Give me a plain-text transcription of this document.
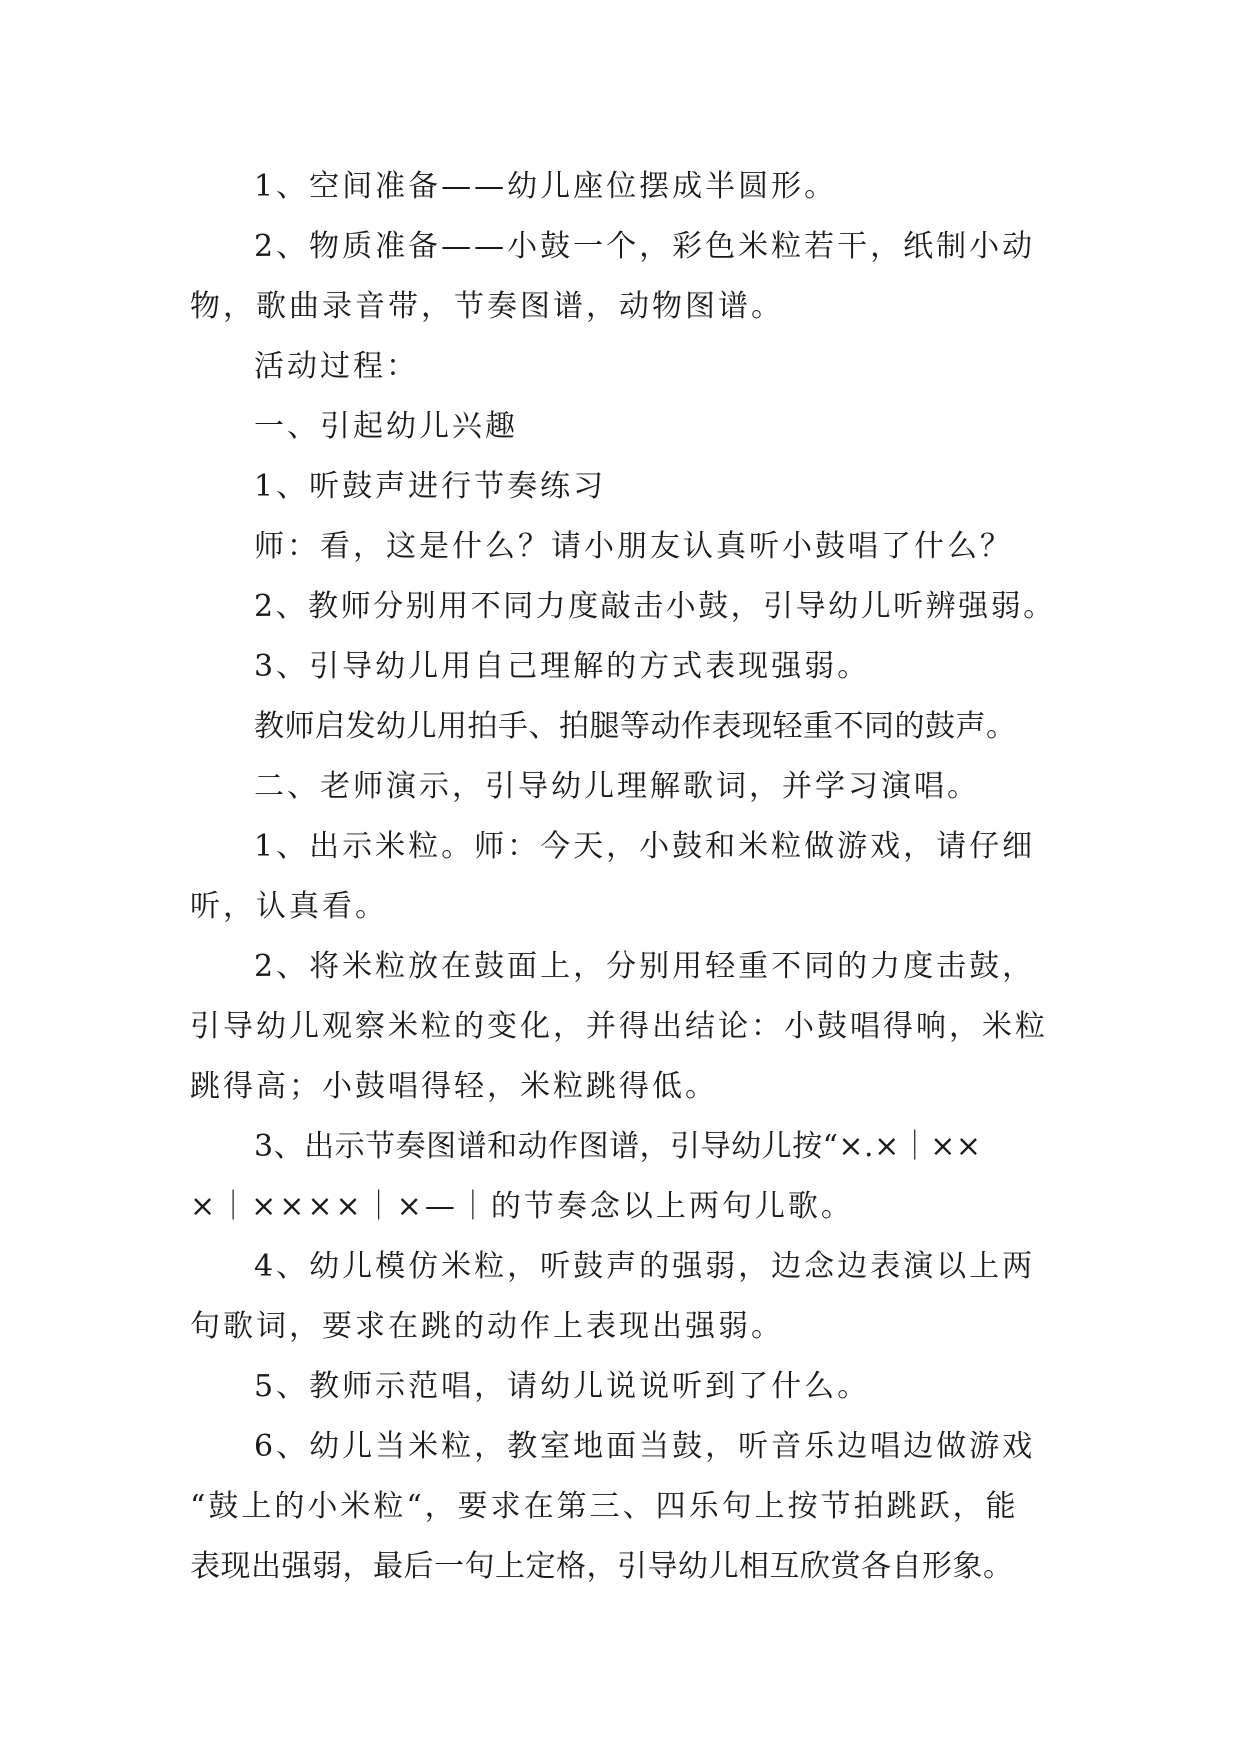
1、空间准备——幼儿座位摆成半圆形。
2、物质准备——小鼓一个，彩色米粒若干，纸制小动
物，歌曲录音带，节奏图谱，动物图谱。
活动过程：
一、引起幼儿兴趣
1、听鼓声进行节奏练习
师：看，这是什么？请小朋友认真听小鼓唱了什么？
2、教师分别用不同力度敲击小鼓，引导幼儿听辨强弱。
3、引导幼儿用自己理解的方式表现强弱。
教师启发幼儿用拍手、拍腿等动作表现轻重不同的鼓声。
二、老师演示，引导幼儿理解歌词，并学习演唱。
1、出示米粒。师：今天，小鼓和米粒做游戏，请仔细
听，认真看。
2、将米粒放在鼓面上，分别用轻重不同的力度击鼓，
引导幼儿观察米粒的变化，并得出结论：小鼓唱得响，米粒
跳得高；小鼓唱得轻，米粒跳得低。
3、出示节奏图谱和动作图谱，引导幼儿按“×.×｜××
×｜××××｜×—｜的节奏念以上两句儿歌。
4、幼儿模仿米粒，听鼓声的强弱，边念边表演以上两
句歌词，要求在跳的动作上表现出强弱。
5、教师示范唱，请幼儿说说听到了什么。
6、幼儿当米粒，教室地面当鼓，听音乐边唱边做游戏
“鼓上的小米粒“，要求在第三、四乐句上按节拍跳跃，能
表现出强弱，最后一句上定格，引导幼儿相互欣赏各自形象。
